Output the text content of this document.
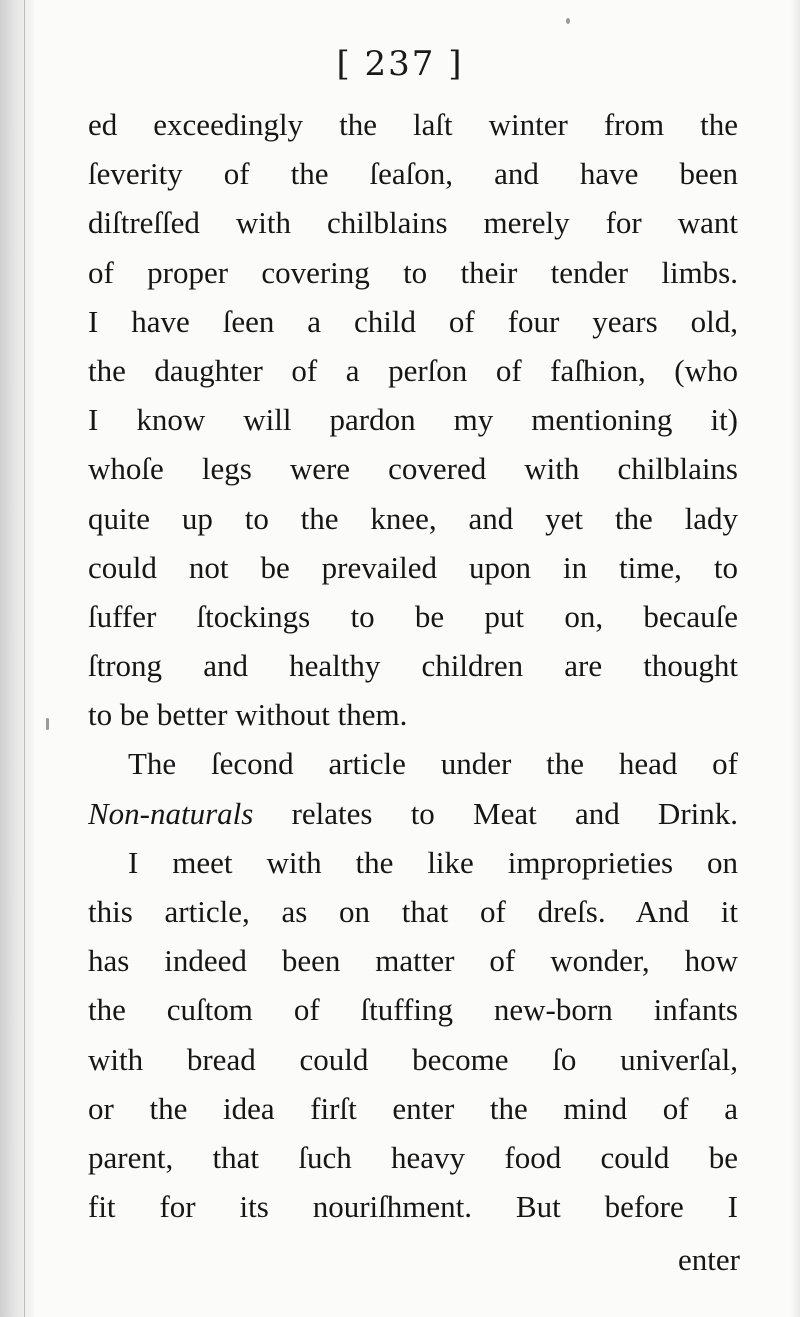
[ 237 ]
ed exceedingly the laſt winter from the
ſeverity of the ſeaſon, and have been
diſtreſſed with chilblains merely for want
of proper covering to their tender limbs.
I have ſeen a child of four years old,
the daughter of a perſon of faſhion, (who
I know will pardon my mentioning it)
whoſe legs were covered with chilblains
quite up to the knee, and yet the lady
could not be prevailed upon in time, to
ſuffer ſtockings to be put on, becauſe
ſtrong and healthy children are thought
to be better without them.
The ſecond article under the head of
Non-naturals relates to Meat and Drink.
I meet with the like improprieties on
this article, as on that of dreſs. And it
has indeed been matter of wonder, how
the cuſtom of ſtuffing new-born infants
with bread could become ſo univerſal,
or the idea firſt enter the mind of a
parent, that ſuch heavy food could be
fit for its nouriſhment. But before I
enter
